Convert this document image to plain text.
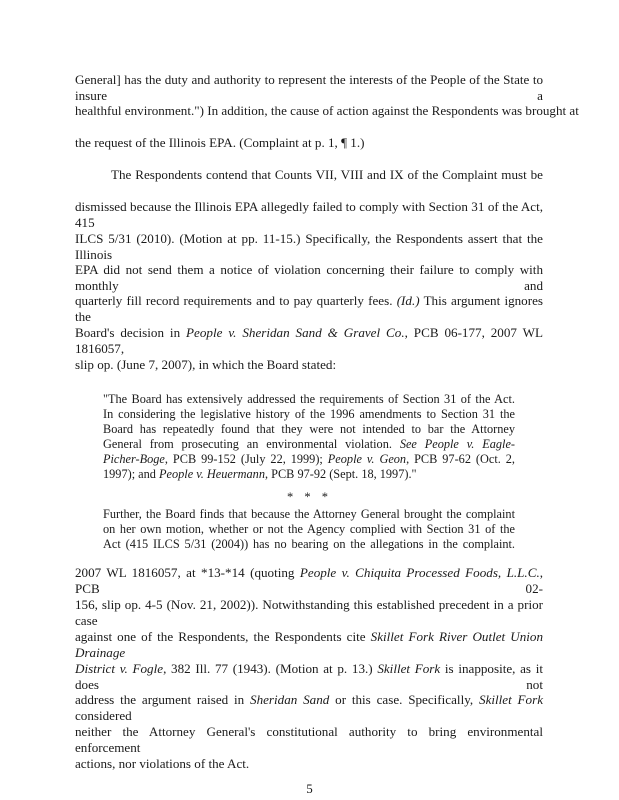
General] has the duty and authority to represent the interests of the People of the State to insure a
healthful environment.") In addition, the cause of action against the Respondents was brought at
the request of the Illinois EPA. (Complaint at p. 1, ¶ 1.)
The Respondents contend that Counts VII, VIII and IX of the Complaint must be
dismissed because the Illinois EPA allegedly failed to comply with Section 31 of the Act, 415
ILCS 5/31 (2010). (Motion at pp. 11-15.) Specifically, the Respondents assert that the Illinois
EPA did not send them a notice of violation concerning their failure to comply with monthly and
quarterly fill record requirements and to pay quarterly fees. (Id.) This argument ignores the
Board's decision in People v. Sheridan Sand & Gravel Co., PCB 06-177, 2007 WL 1816057,
slip op. (June 7, 2007), in which the Board stated:
"The Board has extensively addressed the requirements of Section 31 of the Act.
In considering the legislative history of the 1996 amendments to Section 31 the
Board has repeatedly found that they were not intended to bar the Attorney
General from prosecuting an environmental violation. See People v. Eagle-
Picher-Boge, PCB 99-152 (July 22, 1999); People v. Geon, PCB 97-62 (Oct. 2,
1997); and People v. Heuermann, PCB 97-92 (Sept. 18, 1997)."
* * *
Further, the Board finds that because the Attorney General brought the complaint
on her own motion, whether or not the Agency complied with Section 31 of the
Act (415 ILCS 5/31 (2004)) has no bearing on the allegations in the complaint.
2007 WL 1816057, at *13-*14 (quoting People v. Chiquita Processed Foods, L.L.C., PCB 02-
156, slip op. 4-5 (Nov. 21, 2002)). Notwithstanding this established precedent in a prior case
against one of the Respondents, the Respondents cite Skillet Fork River Outlet Union Drainage
District v. Fogle, 382 Ill. 77 (1943). (Motion at p. 13.) Skillet Fork is inapposite, as it does not
address the argument raised in Sheridan Sand or this case. Specifically, Skillet Fork considered
neither the Attorney General's constitutional authority to bring environmental enforcement
actions, nor violations of the Act.
5
